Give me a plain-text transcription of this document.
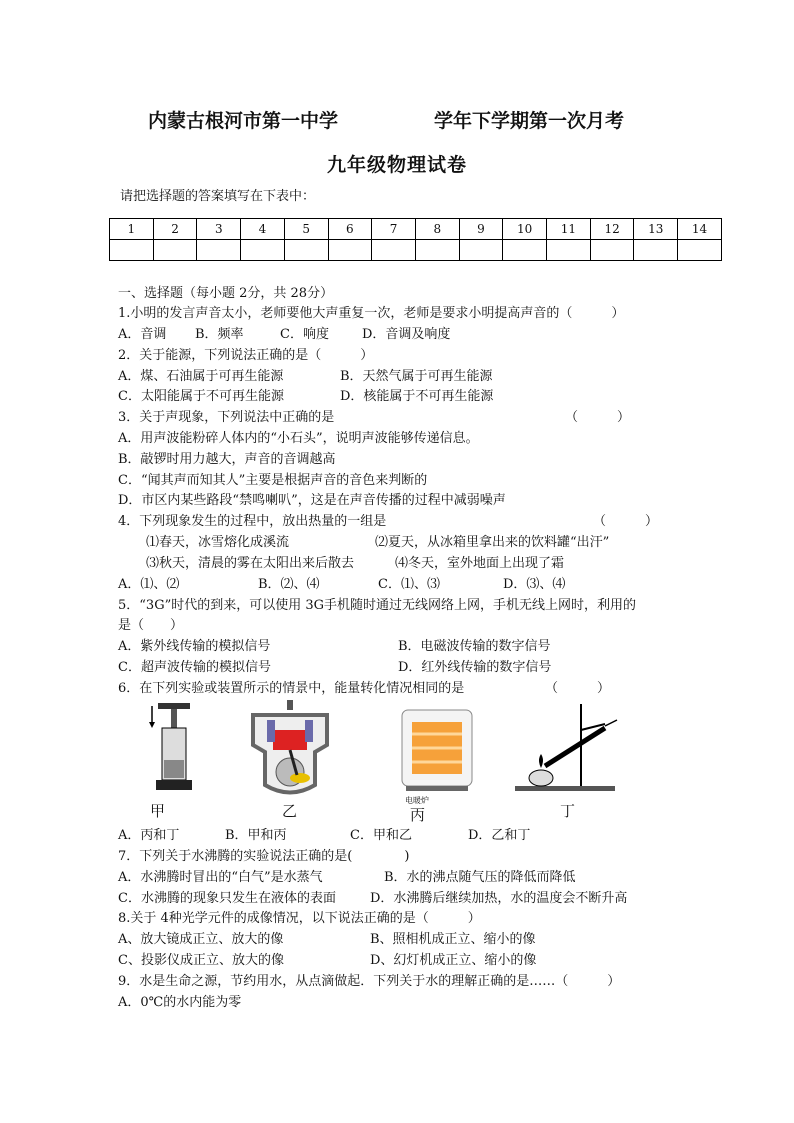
内蒙古根河市第一中学	学年下学期第一次月考
九年级物理试卷
请把选择题的答案填写在下表中：
1	2	3	4	5	6	7	8	9	10	11	12	13	14

一、选择题（每小题 2分，共 28分）
1.小明的发言声音太小，老师要他大声重复一次，老师是要求小明提高声音的（　　　）
A．音调 B．频率	C．响度	D．音调及响度
2．关于能源，下列说法正确的是（　　　）
A．煤、石油属于可再生能源	B．天然气属于可再生能源
C．太阳能属于不可再生能源	D．核能属于不可再生能源
3．关于声现象，下列说法中正确的是	（　　　）
A．用声波能粉碎人体内的“小石头”，说明声波能够传递信息。
B．敲锣时用力越大，声音的音调越高
C．“闻其声而知其人”主要是根据声音的音色来判断的
D．市区内某些路段“禁鸣喇叭”，这是在声音传播的过程中减弱噪声
4．下列现象发生的过程中，放出热量的一组是	（　　　）
⑴春天，冰雪熔化成溪流	⑵夏天，从冰箱里拿出来的饮料罐“出汗”
⑶秋天，清晨的雾在太阳出来后散去	⑷冬天，室外地面上出现了霜
A．⑴、⑵	B．⑵、⑷	C．⑴、⑶	D．⑶、⑷
5．“3G”时代的到来，可以使用 3G手机随时通过无线网络上网，手机无线上网时，利用的
是（　　）
A．紫外线传输的模拟信号	B．电磁波传输的数字信号
C．超声波传输的模拟信号	D．红外线传输的数字信号
6．在下列实验或装置所示的情景中，能量转化情况相同的是	（　　　）
甲	乙
电暖炉
丙	丁
A．丙和丁	B．甲和丙	C．甲和乙	D．乙和丁
7．下列关于水沸腾的实验说法正确的是(　　　　)
A．水沸腾时冒出的“白气”是水蒸气	B．水的沸点随气压的降低而降低
C．水沸腾的现象只发生在液体的表面	D．水沸腾后继续加热，水的温度会不断升高
8.关于 4种光学元件的成像情况，以下说法正确的是（　　　）
A、放大镜成正立、放大的像	B、照相机成正立、缩小的像
C、投影仪成正立、放大的像	D、幻灯机成正立、缩小的像
9．水是生命之源，节约用水，从点滴做起．下列关于水的理解正确的是……（　　　）
A．0℃的水内能为零
